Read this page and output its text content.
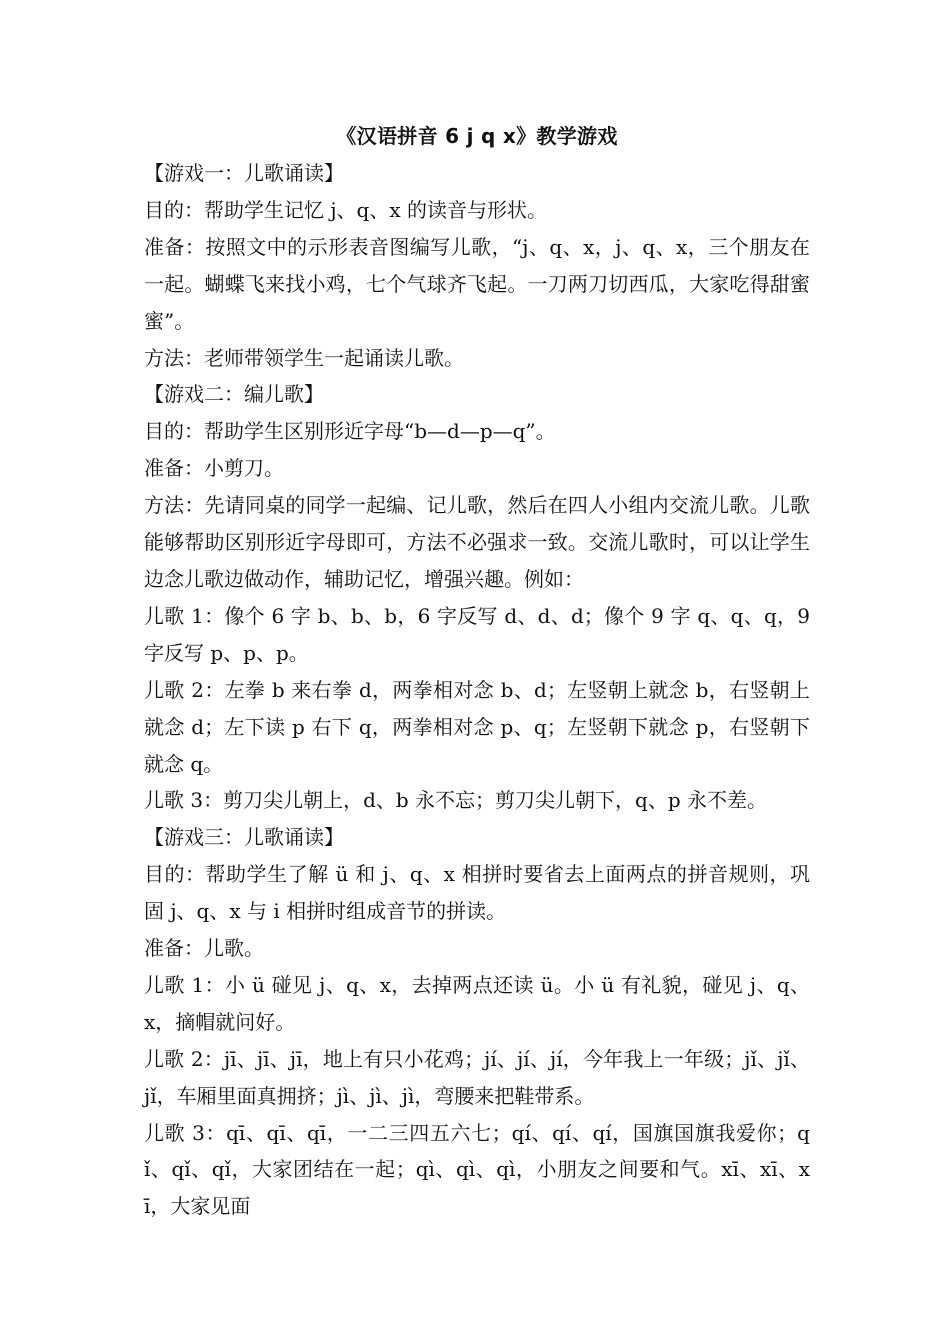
《汉语拼音 6 j q x》教学游戏

【游戏一：儿歌诵读】

目的：帮助学生记忆 j、q、x 的读音与形状。

准备：按照文中的示形表音图编写儿歌，“j、q、x，j、q、x，三个朋友在一起。蝴蝶飞来找小鸡，七个气球齐飞起。一刀两刀切西瓜，大家吃得甜蜜蜜”。

方法：老师带领学生一起诵读儿歌。

【游戏二：编儿歌】

目的：帮助学生区别形近字母“b—d—p—q”。

准备：小剪刀。

方法：先请同桌的同学一起编、记儿歌，然后在四人小组内交流儿歌。儿歌能够帮助区别形近字母即可，方法不必强求一致。交流儿歌时，可以让学生边念儿歌边做动作，辅助记忆，增强兴趣。例如：

儿歌 1：像个 6 字 b、b、b，6 字反写 d、d、d；像个 9 字 q、q、q，9 字反写 p、p、p。

儿歌 2：左拳 b 来右拳 d，两拳相对念 b、d；左竖朝上就念 b，右竖朝上就念 d；左下读 p 右下 q，两拳相对念 p、q；左竖朝下就念 p，右竖朝下就念 q。

儿歌 3：剪刀尖儿朝上，d、b 永不忘；剪刀尖儿朝下，q、p 永不差。

【游戏三：儿歌诵读】

目的：帮助学生了解 ü 和 j、q、x 相拼时要省去上面两点的拼音规则，巩固 j、q、x 与 i 相拼时组成音节的拼读。

准备：儿歌。

儿歌 1：小 ü 碰见 j、q、x，去掉两点还读 ü。小 ü 有礼貌，碰见 j、q、x，摘帽就问好。

儿歌 2：jī、jī、jī，地上有只小花鸡；jí、jí、jí，今年我上一年级；jǐ、jǐ、jǐ，车厢里面真拥挤；jì、jì、jì，弯腰来把鞋带系。

儿歌 3：qī、qī、qī，一二三四五六七；qí、qí、qí，国旗国旗我爱你；qǐ、qǐ、qǐ，大家团结在一起；qì、qì、qì，小朋友之间要和气。xī、xī、xī，大家见面
